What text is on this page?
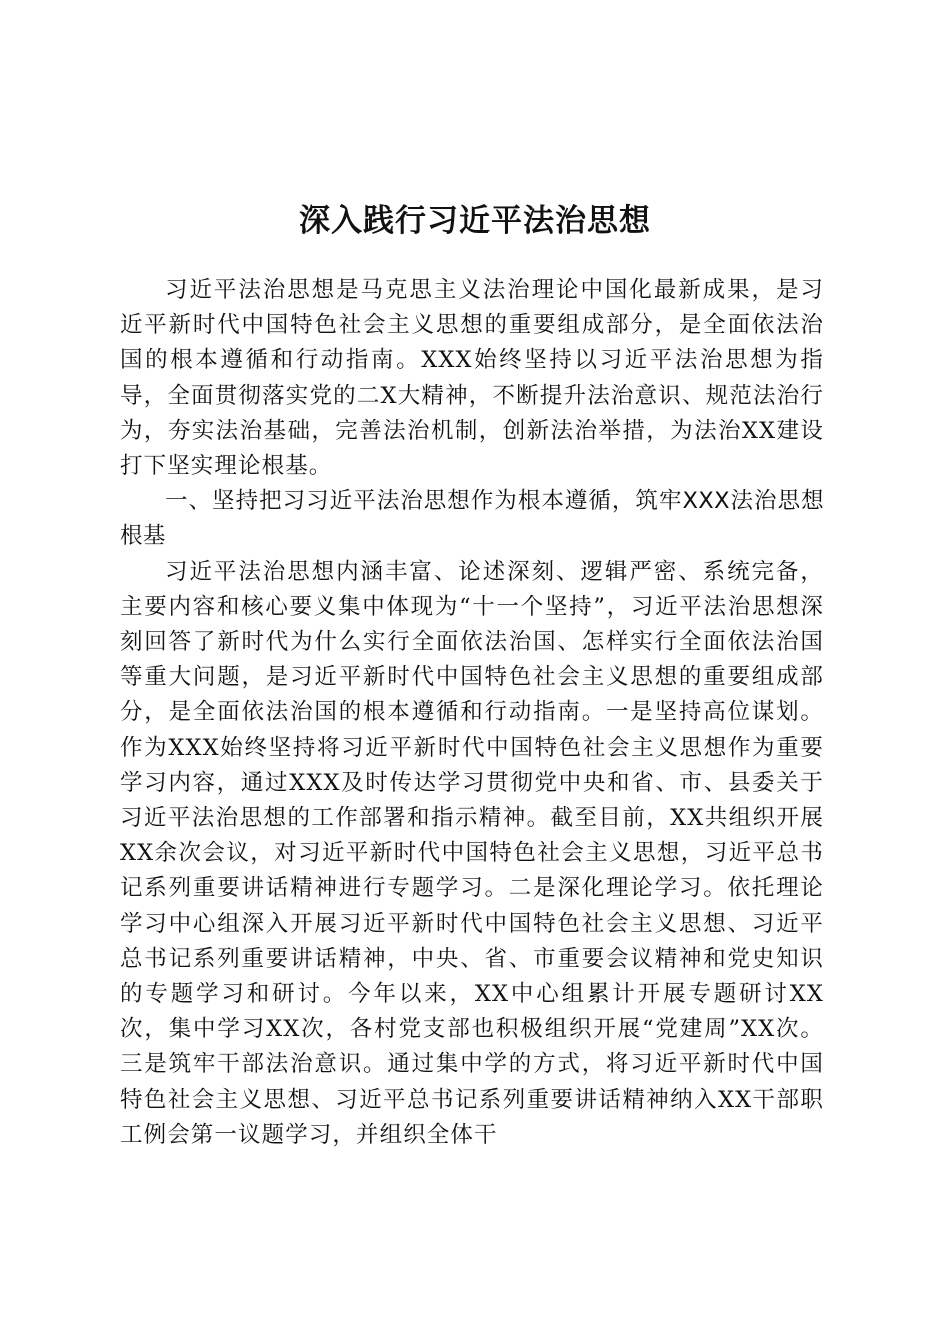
深入践行习近平法治思想

习近平法治思想是马克思主义法治理论中国化最新成果，是习近平新时代中国特色社会主义思想的重要组成部分，是全面依法治国的根本遵循和行动指南。XXX始终坚持以习近平法治思想为指导，全面贯彻落实党的二X大精神，不断提升法治意识、规范法治行为，夯实法治基础，完善法治机制，创新法治举措，为法治XX建设打下坚实理论根基。

一、坚持把习习近平法治思想作为根本遵循，筑牢XXX法治思想根基

习近平法治思想内涵丰富、论述深刻、逻辑严密、系统完备，主要内容和核心要义集中体现为“十一个坚持”，习近平法治思想深刻回答了新时代为什么实行全面依法治国、怎样实行全面依法治国等重大问题，是习近平新时代中国特色社会主义思想的重要组成部分，是全面依法治国的根本遵循和行动指南。一是坚持高位谋划。作为XXX始终坚持将习近平新时代中国特色社会主义思想作为重要学习内容，通过XXX及时传达学习贯彻党中央和省、市、县委关于习近平法治思想的工作部署和指示精神。截至目前，XX共组织开展XX余次会议，对习近平新时代中国特色社会主义思想，习近平总书记系列重要讲话精神进行专题学习。二是深化理论学习。依托理论学习中心组深入开展习近平新时代中国特色社会主义思想、习近平总书记系列重要讲话精神，中央、省、市重要会议精神和党史知识的专题学习和研讨。今年以来，XX中心组累计开展专题研讨XX次，集中学习XX次，各村党支部也积极组织开展“党建周”XX次。三是筑牢干部法治意识。通过集中学的方式，将习近平新时代中国特色社会主义思想、习近平总书记系列重要讲话精神纳入XX干部职工例会第一议题学习，并组织全体干
